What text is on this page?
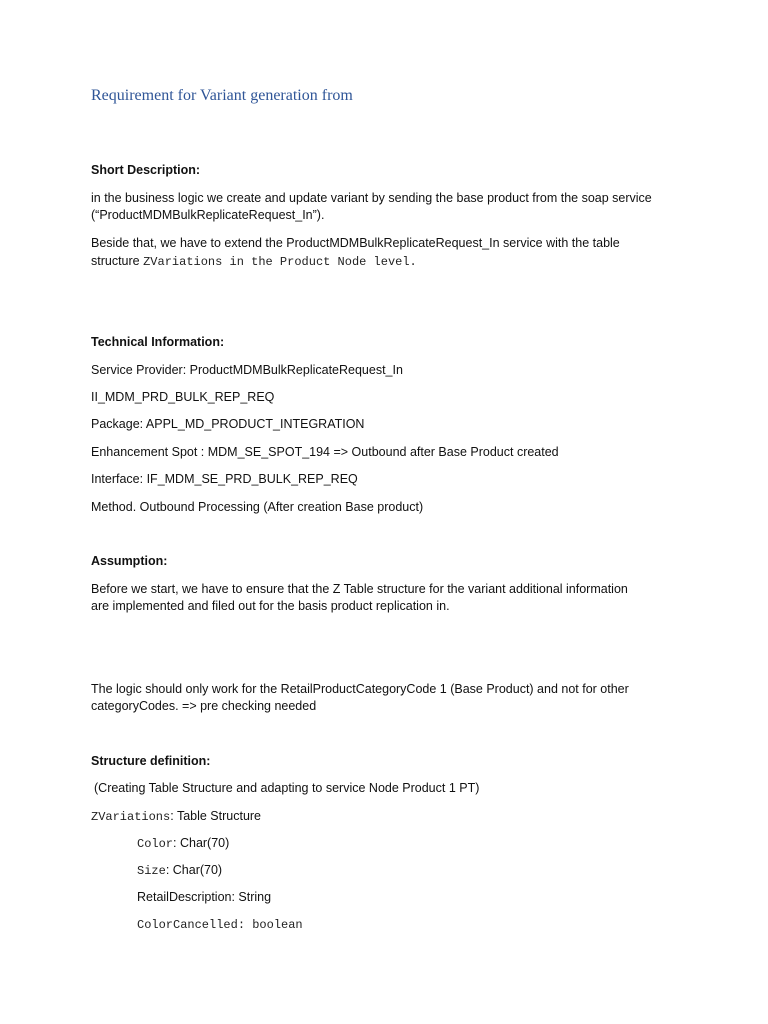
Requirement for Variant generation from
Short Description:
in the business logic we create and update variant by sending the base product from the soap service
(“ProductMDMBulkReplicateRequest_In”).
Beside that, we have to extend the ProductMDMBulkReplicateRequest_In service with the table
structure ZVariations in the Product Node level.
Technical Information:
Service Provider: ProductMDMBulkReplicateRequest_In
II_MDM_PRD_BULK_REP_REQ
Package: APPL_MD_PRODUCT_INTEGRATION
Enhancement Spot : MDM_SE_SPOT_194 => Outbound after Base Product created
Interface: IF_MDM_SE_PRD_BULK_REP_REQ
Method. Outbound Processing (After creation Base product)
Assumption:
Before we start, we have to ensure that the Z Table structure for the variant additional information
are implemented and filed out for the basis product replication in.
The logic should only work for the RetailProductCategoryCode 1 (Base Product) and not for other
categoryCodes. => pre checking needed
Structure definition:
(Creating Table Structure and adapting to service Node Product 1 PT)
ZVariations: Table Structure
Color: Char(70)
Size: Char(70)
RetailDescription: String
ColorCancelled: boolean
